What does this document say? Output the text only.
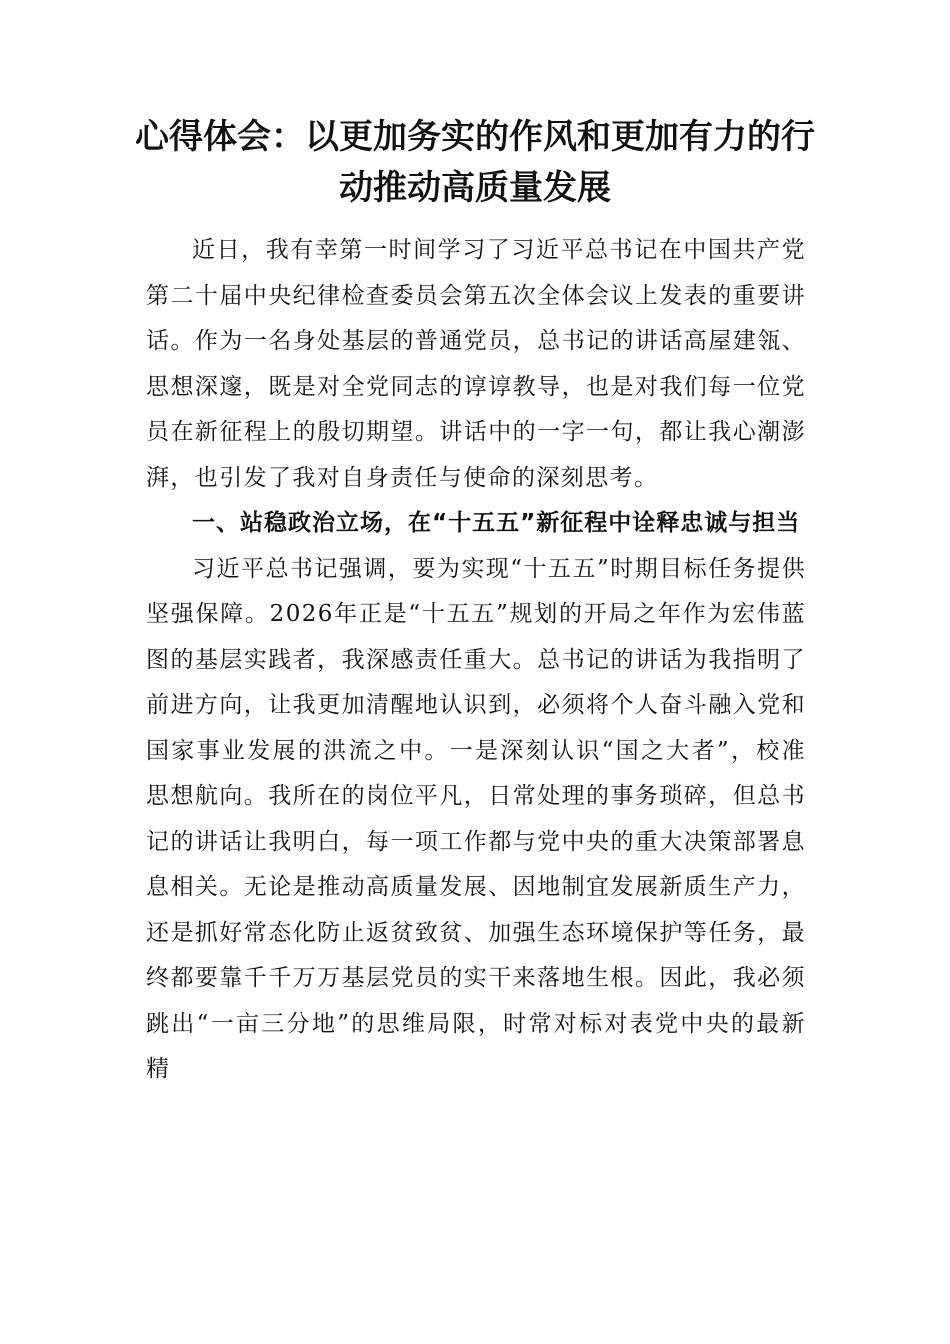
心得体会：以更加务实的作风和更加有力的行动推动高质量发展

近日，我有幸第一时间学习了习近平总书记在中国共产党第二十届中央纪律检查委员会第五次全体会议上发表的重要讲话。作为一名身处基层的普通党员，总书记的讲话高屋建瓴、思想深邃，既是对全党同志的谆谆教导，也是对我们每一位党员在新征程上的殷切期望。讲话中的一字一句，都让我心潮澎湃，也引发了我对自身责任与使命的深刻思考。

一、站稳政治立场，在“十五五”新征程中诠释忠诚与担当

习近平总书记强调，要为实现“十五五”时期目标任务提供坚强保障。2026年正是“十五五”规划的开局之年作为宏伟蓝图的基层实践者，我深感责任重大。总书记的讲话为我指明了前进方向，让我更加清醒地认识到，必须将个人奋斗融入党和国家事业发展的洪流之中。一是深刻认识“国之大者”，校准思想航向。我所在的岗位平凡，日常处理的事务琐碎，但总书记的讲话让我明白，每一项工作都与党中央的重大决策部署息息相关。无论是推动高质量发展、因地制宜发展新质生产力，还是抓好常态化防止返贫致贫、加强生态环境保护等任务，最终都要靠千千万万基层党员的实干来落地生根。因此，我必须跳出“一亩三分地”的思维局限，时常对标对表党中央的最新精
